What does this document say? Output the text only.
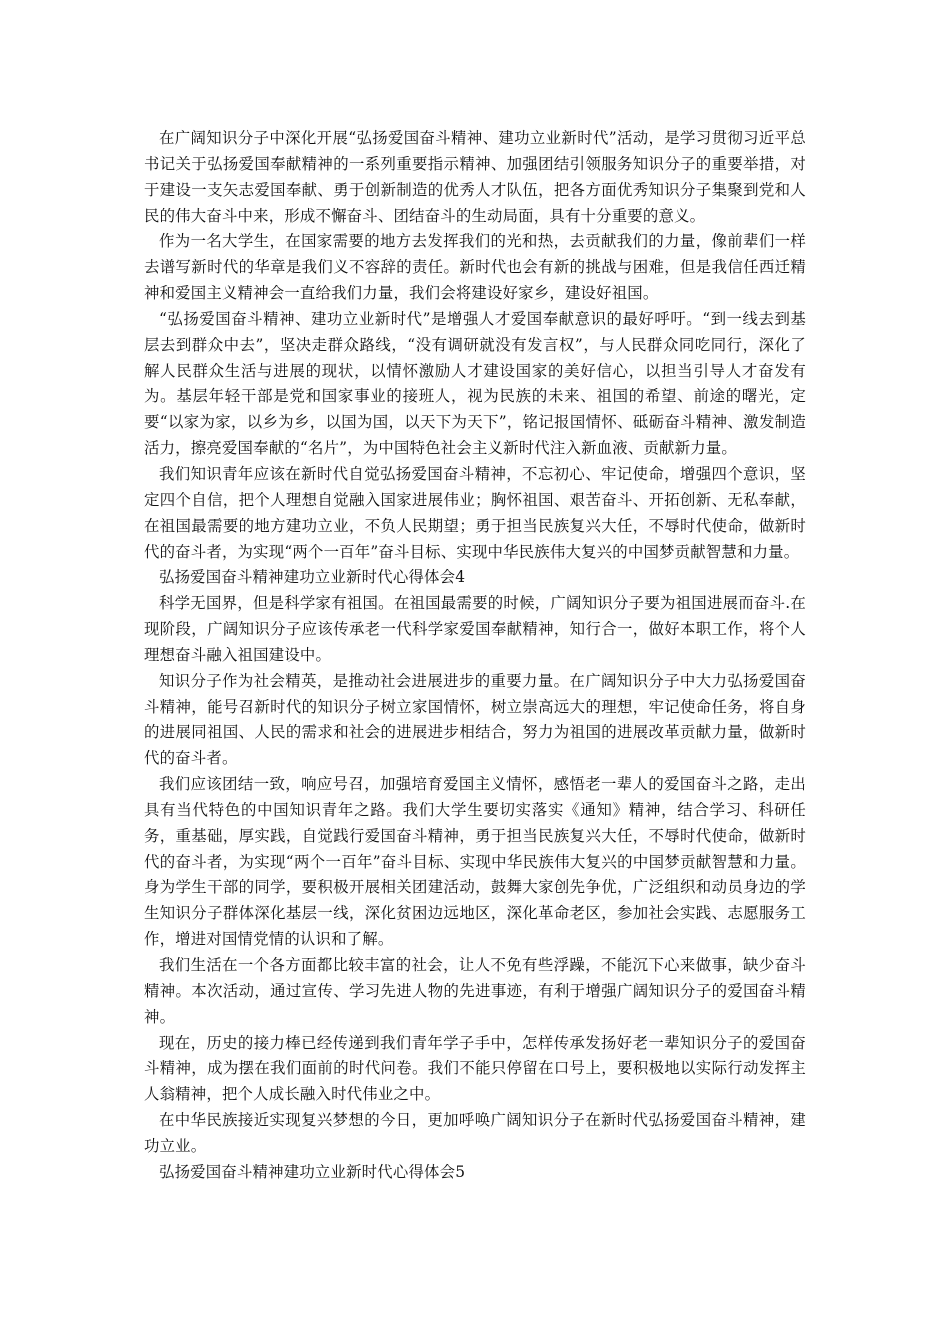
在广阔知识分子中深化开展“弘扬爱国奋斗精神、建功立业新时代”活动，是学习贯彻习近平总书记关于弘扬爱国奉献精神的一系列重要指示精神、加强团结引领服务知识分子的重要举措，对于建设一支矢志爱国奉献、勇于创新制造的优秀人才队伍，把各方面优秀知识分子集聚到党和人民的伟大奋斗中来，形成不懈奋斗、团结奋斗的生动局面，具有十分重要的意义。

作为一名大学生，在国家需要的地方去发挥我们的光和热，去贡献我们的力量，像前辈们一样去谱写新时代的华章是我们义不容辞的责任。新时代也会有新的挑战与困难，但是我信任西迁精神和爱国主义精神会一直给我们力量，我们会将建设好家乡，建设好祖国。

“弘扬爱国奋斗精神、建功立业新时代”是增强人才爱国奉献意识的最好呼吁。“到一线去到基层去到群众中去”，坚决走群众路线，“没有调研就没有发言权”，与人民群众同吃同行，深化了解人民群众生活与进展的现状，以情怀激励人才建设国家的美好信心，以担当引导人才奋发有为。基层年轻干部是党和国家事业的接班人，视为民族的未来、祖国的希望、前途的曙光，定要“以家为家，以乡为乡，以国为国，以天下为天下”，铭记报国情怀、砥砺奋斗精神、激发制造活力，擦亮爱国奉献的“名片”，为中国特色社会主义新时代注入新血液、贡献新力量。

我们知识青年应该在新时代自觉弘扬爱国奋斗精神，不忘初心、牢记使命，增强四个意识，坚定四个自信，把个人理想自觉融入国家进展伟业；胸怀祖国、艰苦奋斗、开拓创新、无私奉献，在祖国最需要的地方建功立业，不负人民期望；勇于担当民族复兴大任，不辱时代使命，做新时代的奋斗者，为实现“两个一百年”奋斗目标、实现中华民族伟大复兴的中国梦贡献智慧和力量。

弘扬爱国奋斗精神建功立业新时代心得体会4

科学无国界，但是科学家有祖国。在祖国最需要的时候，广阔知识分子要为祖国进展而奋斗.在现阶段，广阔知识分子应该传承老一代科学家爱国奉献精神，知行合一，做好本职工作，将个人理想奋斗融入祖国建设中。

知识分子作为社会精英，是推动社会进展进步的重要力量。在广阔知识分子中大力弘扬爱国奋斗精神，能号召新时代的知识分子树立家国情怀，树立崇高远大的理想，牢记使命任务，将自身的进展同祖国、人民的需求和社会的进展进步相结合，努力为祖国的进展改革贡献力量，做新时代的奋斗者。

我们应该团结一致，响应号召，加强培育爱国主义情怀，感悟老一辈人的爱国奋斗之路，走出具有当代特色的中国知识青年之路。我们大学生要切实落实《通知》精神，结合学习、科研任务，重基础，厚实践，自觉践行爱国奋斗精神，勇于担当民族复兴大任，不辱时代使命，做新时代的奋斗者，为实现“两个一百年”奋斗目标、实现中华民族伟大复兴的中国梦贡献智慧和力量。身为学生干部的同学，要积极开展相关团建活动，鼓舞大家创先争优，广泛组织和动员身边的学生知识分子群体深化基层一线，深化贫困边远地区，深化革命老区，参加社会实践、志愿服务工作，增进对国情党情的认识和了解。

我们生活在一个各方面都比较丰富的社会，让人不免有些浮躁，不能沉下心来做事，缺少奋斗精神。本次活动，通过宣传、学习先进人物的先进事迹，有利于增强广阔知识分子的爱国奋斗精神。

现在，历史的接力棒已经传递到我们青年学子手中，怎样传承发扬好老一辈知识分子的爱国奋斗精神，成为摆在我们面前的时代问卷。我们不能只停留在口号上，要积极地以实际行动发挥主人翁精神，把个人成长融入时代伟业之中。

在中华民族接近实现复兴梦想的今日，更加呼唤广阔知识分子在新时代弘扬爱国奋斗精神，建功立业。

弘扬爱国奋斗精神建功立业新时代心得体会5
